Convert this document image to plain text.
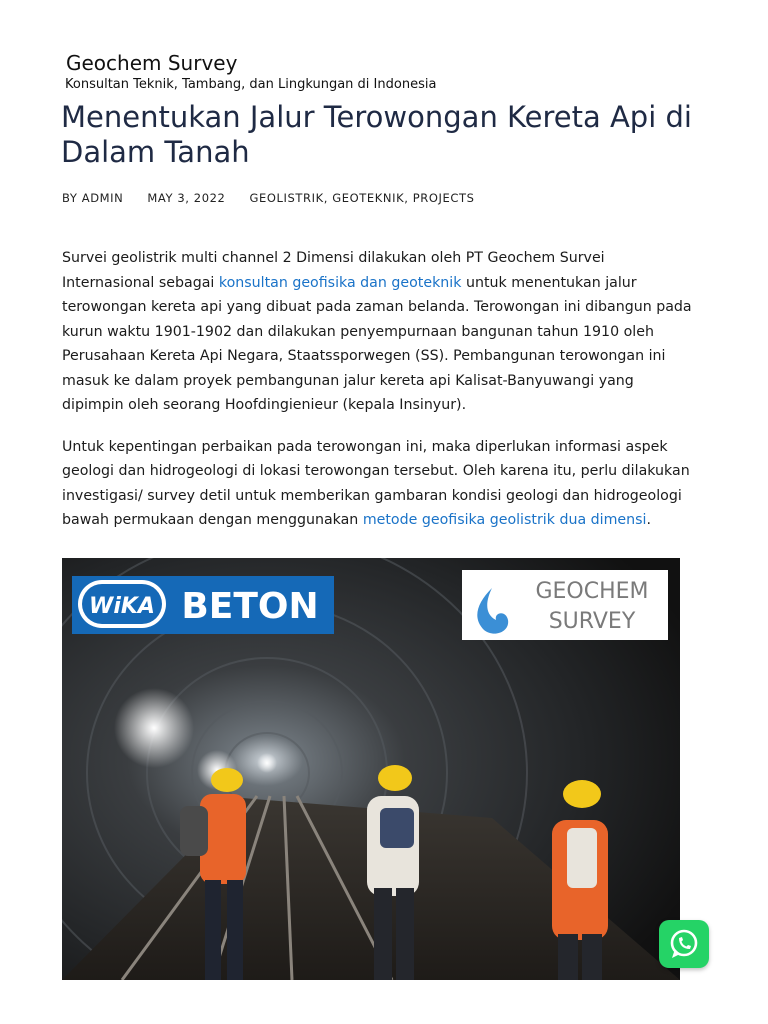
Geochem Survey

Konsultan Teknik, Tambang, dan Lingkungan di Indonesia

Menentukan Jalur Terowongan Kereta Api di Dalam Tanah
BY ADMIN MAY 3, 2022 GEOLISTRIK, GEOTEKNIK, PROJECTS

Survei geolistrik multi channel 2 Dimensi dilakukan oleh PT Geochem Survei Internasional sebagai konsultan geofisika dan geoteknik untuk menentukan jalur terowongan kereta api yang dibuat pada zaman belanda. Terowongan ini dibangun pada kurun waktu 1901-1902 dan dilakukan penyempurnaan bangunan tahun 1910 oleh Perusahaan Kereta Api Negara, Staatssporwegen (SS). Pembangunan terowongan ini masuk ke dalam proyek pembangunan jalur kereta api Kalisat-Banyuwangi yang dipimpin oleh seorang Hoofdingienieur (kepala Insinyur).

Untuk kepentingan perbaikan pada terowongan ini, maka diperlukan informasi aspek geologi dan hidrogeologi di lokasi terowongan tersebut. Oleh karena itu, perlu dilakukan investigasi/ survey detil untuk memberikan gambaran kondisi geologi dan hidrogeologi bawah permukaan dengan menggunakan metode geofisika geolistrik dua dimensi.

WiKA BETON	GEOCHEM
SURVEY
